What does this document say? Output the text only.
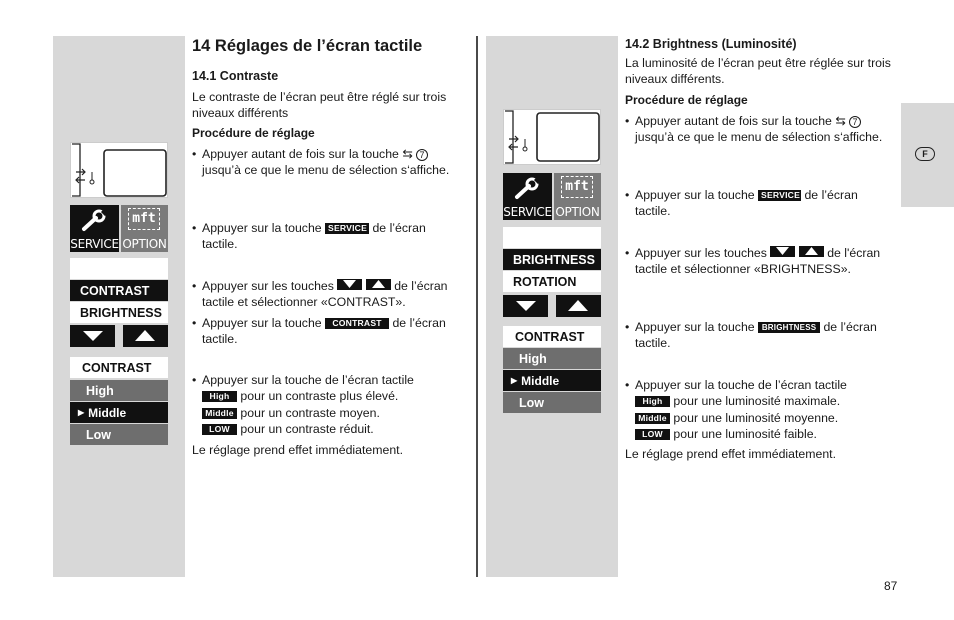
SERVICE
mft
OPTION
CONTRAST
BRIGHTNESS
CONTRAST
High
▶ Middle
Low
14 Réglages de l’écran tactile
14.1 Contraste
Le contraste de l’écran peut être réglé sur trois niveaux différents
Procédure de réglage
• Appuyer autant de fois sur la touche ⇆ 7 jusqu’à ce que le menu de sélection s‘affiche.
• Appuyer sur la touche SERVICE de l’écran tactile.
• Appuyer sur les touches
	de l’écran tactile et sélectionner «CONTRAST».
• Appuyer sur la touche CONTRAST de l’écran tactile.
• Appuyer sur la touche de l’écran tactile
High pour un contraste plus élevé.
Middle pour un contraste moyen.
LOW pour un contraste réduit.
Le réglage prend effet immédiatement.
SERVICE
mft
OPTION
BRIGHTNESS
ROTATION
CONTRAST
High
▶ Middle
Low
14.2 Brightness (Luminosité)
La luminosité de l’écran peut être réglée sur trois niveaux différents.
Procédure de réglage
• Appuyer autant de fois sur la touche ⇆ 7 jusqu’à ce que le menu de sélection s‘affiche.
• Appuyer sur la touche SERVICE de l’écran tactile.
• Appuyer sur les touches
	de l'écran tactile et sélectionner «BRIGHTNESS».
• Appuyer sur la touche BRIGHTNESS de l’écran tactile.
• Appuyer sur la touche de l’écran tactile
High pour une luminosité maximale.
Middle pour une luminosité moyenne.
LOW pour une luminosité faible.
Le réglage prend effet immédiatement.
F
87
